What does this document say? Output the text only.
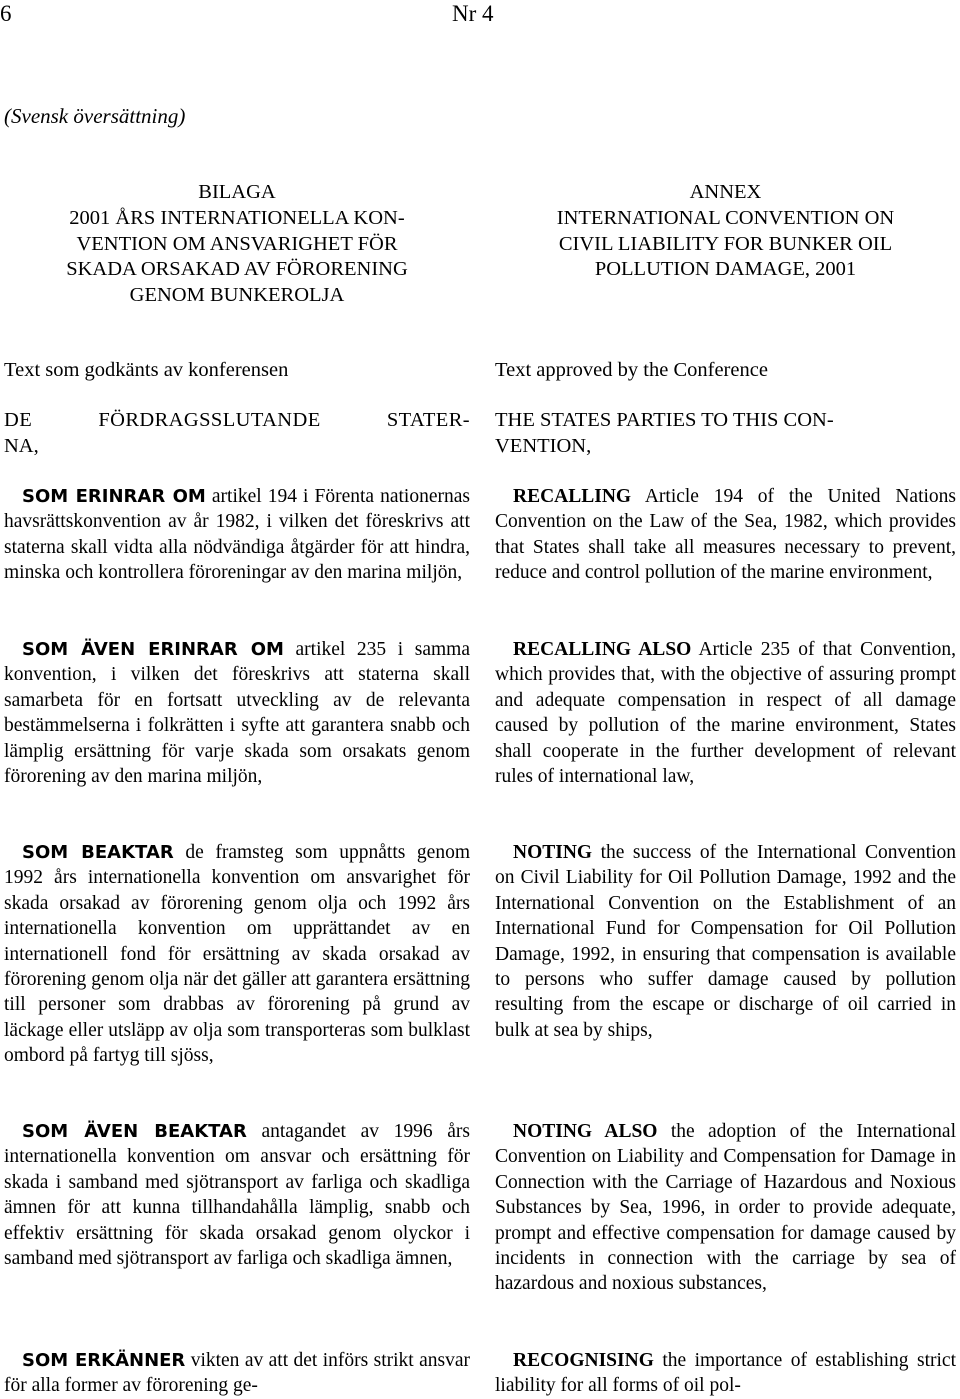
6	Nr 4
(Svensk översättning)
BILAGA
2001 ÅRS INTERNATIONELLA KON-
VENTION OM ANSVARIGHET FÖR
SKADA ORSAKAD AV FÖRORENING
GENOM BUNKEROLJA
Text som godkänts av konferensen
DE FÖRDRAGSSLUTANDE STATER-
NA,

SOM ERINRAR OM artikel 194 i Förenta nationernas havsrättskonvention av år 1982, i vilken det föreskrivs att staterna skall vidta alla nödvändiga åtgärder för att hindra, minska och kontrollera föroreningar av den marina miljön,

SOM ÄVEN ERINRAR OM artikel 235 i samma konvention, i vilken det föreskrivs att staterna skall samarbeta för en fortsatt utveckling av de relevanta bestämmelserna i folkrätten i syfte att garantera snabb och lämplig ersättning för varje skada som orsakats genom förorening av den marina miljön,

SOM BEAKTAR de framsteg som uppnåtts genom 1992 års internationella konvention om ansvarighet för skada orsakad av förorening genom olja och 1992 års internationella konvention om upprättandet av en internationell fond för ersättning av skada orsakad av förorening genom olja när det gäller att garantera ersättning till personer som drabbas av förorening på grund av läckage eller utsläpp av olja som transporteras som bulklast ombord på fartyg till sjöss,

SOM ÄVEN BEAKTAR antagandet av 1996 års internationella konvention om ansvar och ersättning för skada i samband med sjötransport av farliga och skadliga ämnen för att kunna tillhandahålla lämplig, snabb och effektiv ersättning för skada orsakad genom olyckor i samband med sjötransport av farliga och skadliga ämnen,

SOM ERKÄNNER vikten av att det införs strikt ansvar för alla former av förorening ge-

ANNEX
INTERNATIONAL CONVENTION ON
CIVIL LIABILITY FOR BUNKER OIL
POLLUTION DAMAGE, 2001
Text approved by the Conference
THE STATES PARTIES TO THIS CON-
VENTION,

RECALLING Article 194 of the United Nations Convention on the Law of the Sea, 1982, which provides that States shall take all measures necessary to prevent, reduce and control pollution of the marine environment,

RECALLING ALSO Article 235 of that Convention, which provides that, with the objective of assuring prompt and adequate compensation in respect of all damage caused by pollution of the marine environment, States shall cooperate in the further development of relevant rules of international law,

NOTING the success of the International Convention on Civil Liability for Oil Pollution Damage, 1992 and the International Convention on the Establishment of an International Fund for Compensation for Oil Pollution Damage, 1992, in ensuring that compensation is available to persons who suffer damage caused by pollution resulting from the escape or discharge of oil carried in bulk at sea by ships,

NOTING ALSO the adoption of the International Convention on Liability and Compensation for Damage in Connection with the Carriage of Hazardous and Noxious Substances by Sea, 1996, in order to provide adequate, prompt and effective compensation for damage caused by incidents in connection with the carriage by sea of hazardous and noxious substances,

RECOGNISING the importance of establishing strict liability for all forms of oil pol-
